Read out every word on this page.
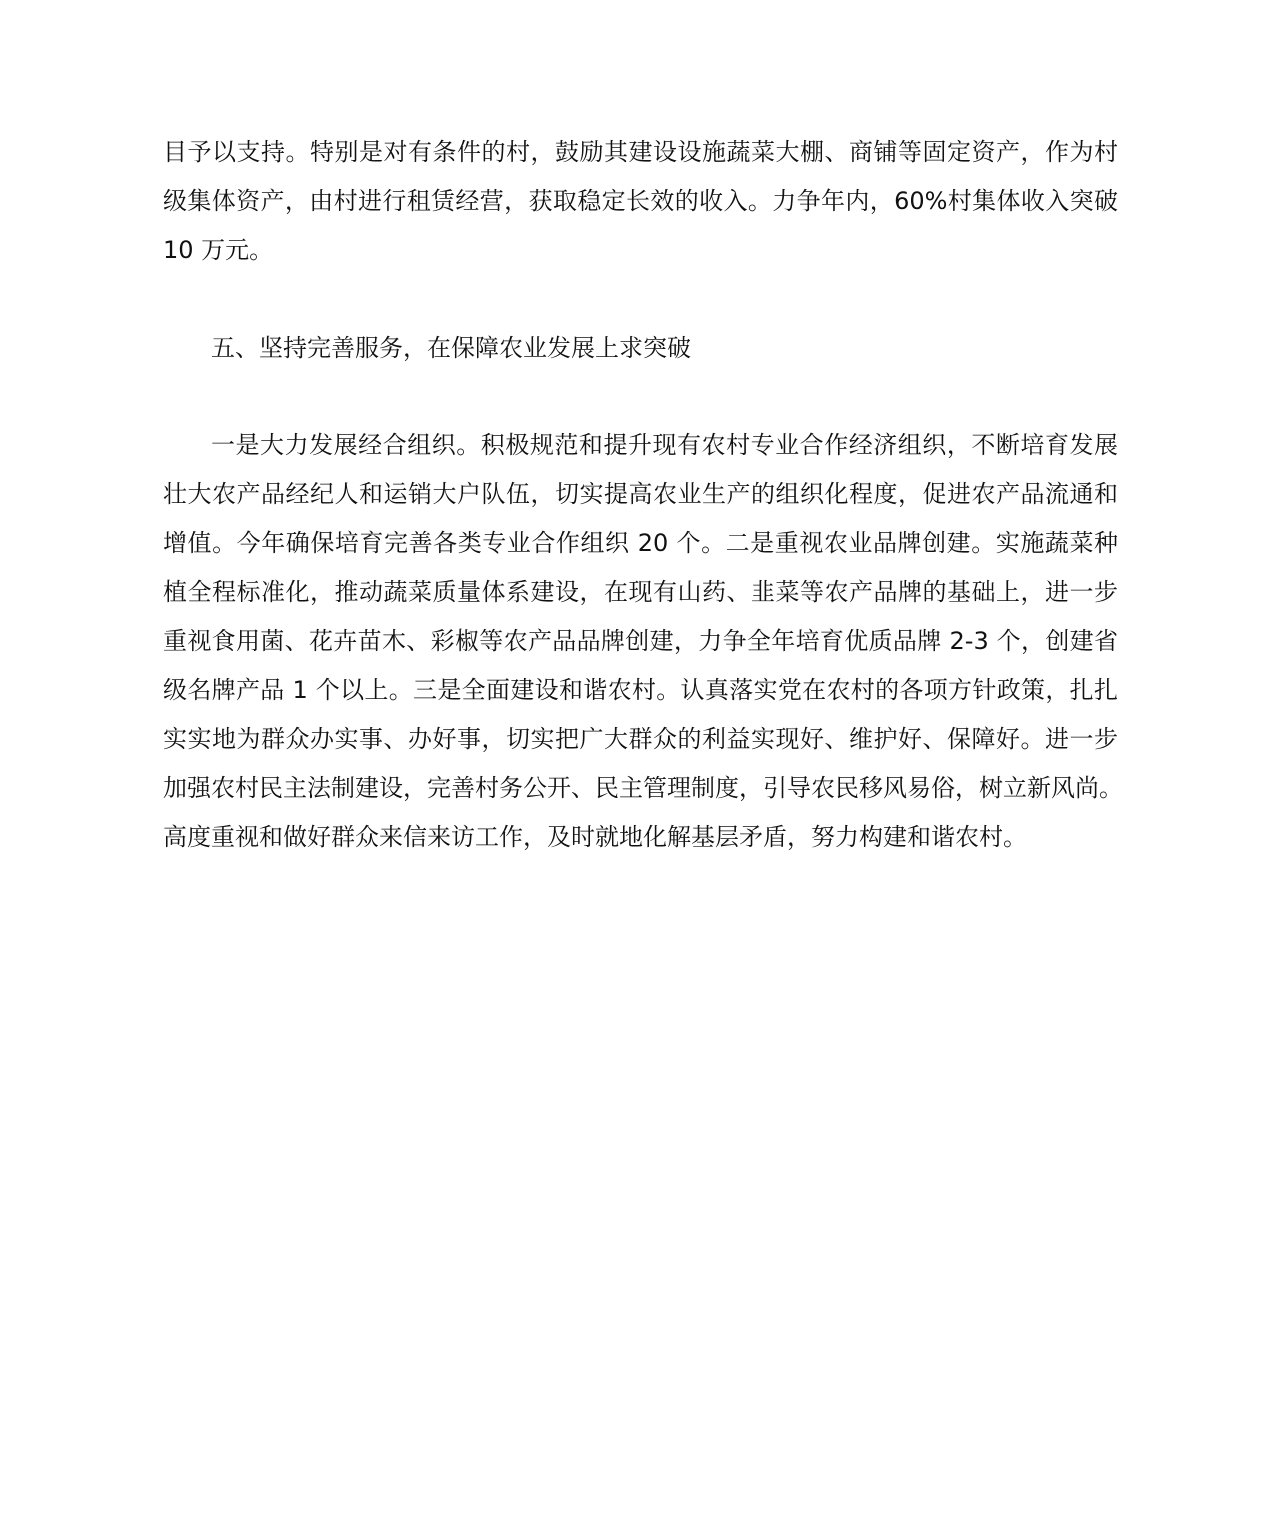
目予以支持。特别是对有条件的村，鼓励其建设设施蔬菜大棚、商铺等固定资产，作为村

级集体资产，由村进行租赁经营，获取稳定长效的收入。力争年内，60%村集体收入突破

10 万元。

五、坚持完善服务，在保障农业发展上求突破

一是大力发展经合组织。积极规范和提升现有农村专业合作经济组织，不断培育发展

壮大农产品经纪人和运销大户队伍，切实提高农业生产的组织化程度，促进农产品流通和

增值。今年确保培育完善各类专业合作组织 20 个。二是重视农业品牌创建。实施蔬菜种

植全程标准化，推动蔬菜质量体系建设，在现有山药、韭菜等农产品牌的基础上，进一步

重视食用菌、花卉苗木、彩椒等农产品品牌创建，力争全年培育优质品牌 2-3 个，创建省

级名牌产品 1 个以上。三是全面建设和谐农村。认真落实党在农村的各项方针政策，扎扎

实实地为群众办实事、办好事，切实把广大群众的利益实现好、维护好、保障好。进一步

加强农村民主法制建设，完善村务公开、民主管理制度，引导农民移风易俗，树立新风尚。

高度重视和做好群众来信来访工作，及时就地化解基层矛盾，努力构建和谐农村。
